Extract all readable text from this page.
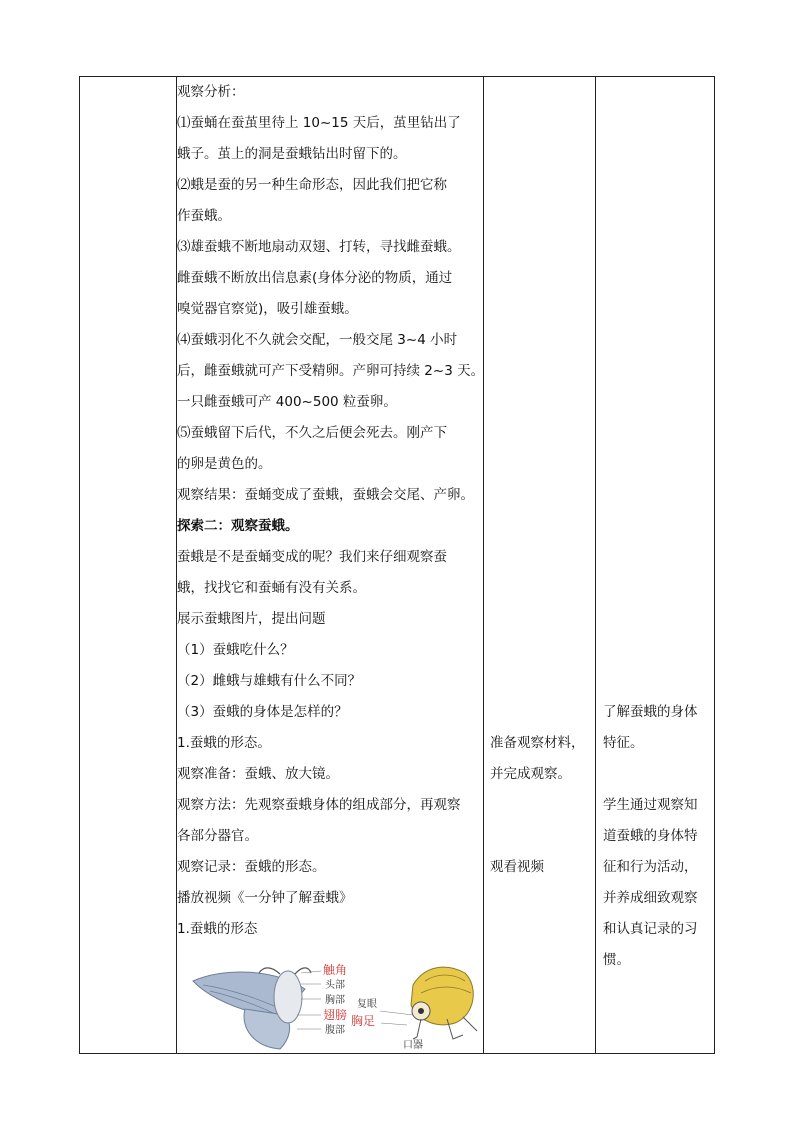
观察分析：
⑴蚕蛹在蚕茧里待上 10~15 天后，茧里钻出了
蛾子。茧上的洞是蚕蛾钻出时留下的。
⑵蛾是蚕的另一种生命形态，因此我们把它称
作蚕蛾。
⑶雄蚕蛾不断地扇动双翅、打转，寻找雌蚕蛾。
雌蚕蛾不断放出信息素(身体分泌的物质，通过
嗅觉器官察觉)，吸引雄蚕蛾。
⑷蚕蛾羽化不久就会交配，一般交尾 3~4 小时
后，雌蚕蛾就可产下受精卵。产卵可持续 2~3 天。
一只雌蚕蛾可产 400~500 粒蚕卵。
⑸蚕蛾留下后代，不久之后便会死去。刚产下
的卵是黄色的。
观察结果：蚕蛹变成了蚕蛾，蚕蛾会交尾、产卵。
探索二：观察蚕蛾。
蚕蛾是不是蚕蛹变成的呢？我们来仔细观察蚕
蛾，找找它和蚕蛹有没有关系。
展示蚕蛾图片，提出问题
（1）蚕蛾吃什么？
（2）雌蛾与雄蛾有什么不同？
（3）蚕蛾的身体是怎样的？
1.蚕蛾的形态。
观察准备：蚕蛾、放大镜。
观察方法：先观察蚕蛾身体的组成部分，再观察
各部分器官。
观察记录：蚕蛾的形态。
播放视频《一分钟了解蚕蛾》
1.蚕蛾的形态
触角
头部
胸部
翅膀
腹部
胸足
复眼
口器
准备观察材料，
并完成观察。
观看视频
了解蚕蛾的身体
特征。
学生通过观察知
道蚕蛾的身体特
征和行为活动，
并养成细致观察
和认真记录的习
惯。
